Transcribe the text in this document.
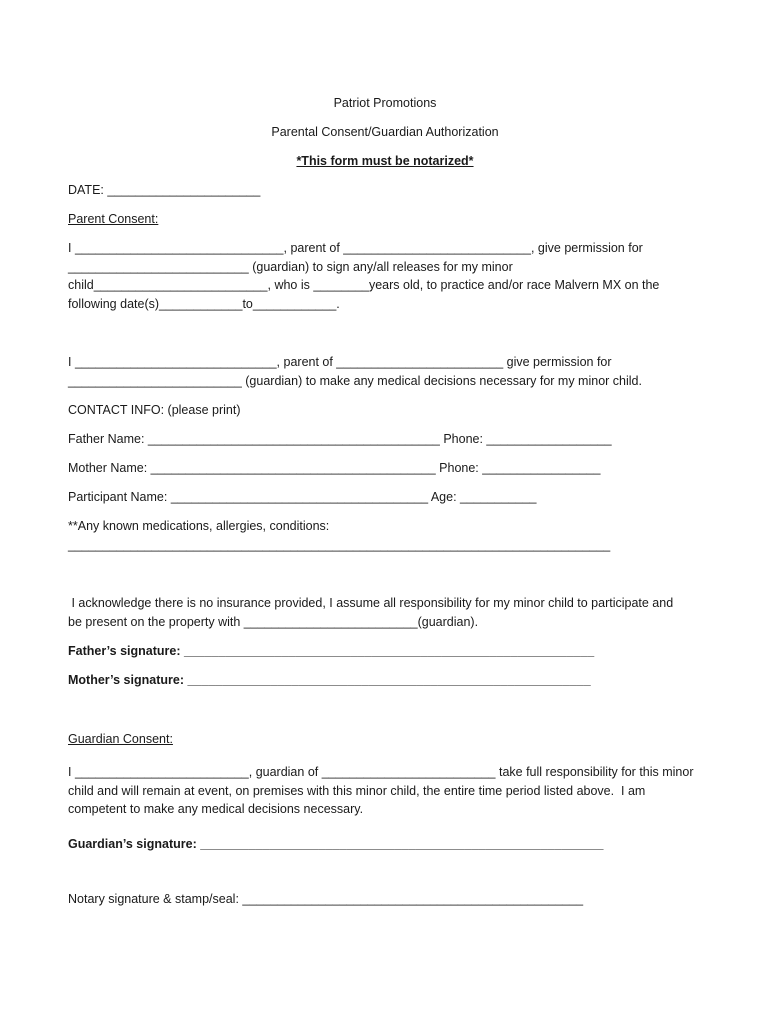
Patriot Promotions

Parental Consent/Guardian Authorization

*This form must be notarized*

DATE: ______________________

Parent Consent:

I ______________________________, parent of ___________________________, give permission for

__________________________ (guardian) to sign any/all releases for my minor

child_________________________, who is ________years old, to practice and/or race Malvern MX on the

following date(s)____________to____________.

I _____________________________, parent of ________________________ give permission for

_________________________ (guardian) to make any medical decisions necessary for my minor child.

CONTACT INFO: (please print)

Father Name: __________________________________________ Phone: __________________

Mother Name: _________________________________________ Phone: _________________

Participant Name: _____________________________________ Age: ___________

**Any known medications, allergies, conditions:

______________________________________________________________________________

I acknowledge there is no insurance provided, I assume all responsibility for my minor child to participate and

be present on the property with _________________________(guardian).

Father’s signature: ___________________________________________________________

Mother’s signature: __________________________________________________________

Guardian Consent:

I _________________________, guardian of _________________________ take full responsibility for this minor

child and will remain at event, on premises with this minor child, the entire time period listed above.  I am

competent to make any medical decisions necessary.

Guardian’s signature: __________________________________________________________

Notary signature & stamp/seal: _________________________________________________
